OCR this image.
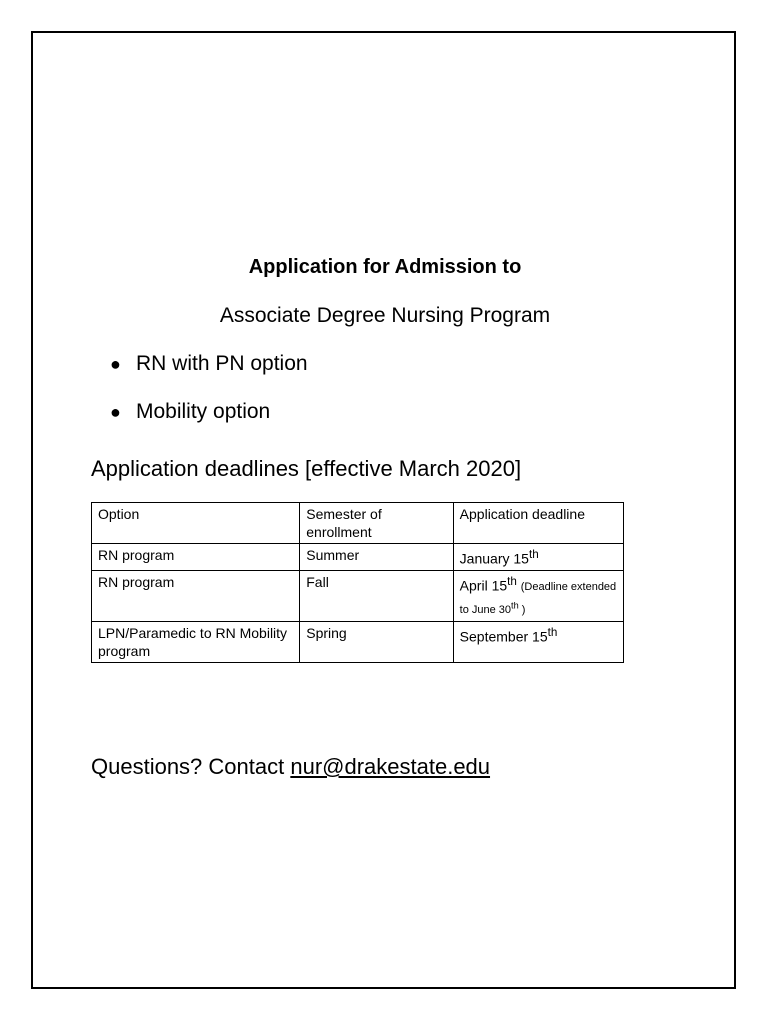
Application for Admission to
Associate Degree Nursing Program
● RN with PN option
● Mobility option
Application deadlines [effective March 2020]
Option	Semester of enrollment	Application deadline
RN program	Summer	January 15th
RN program	Fall	April 15th (Deadline extended to June 30th )
LPN/Paramedic to RN Mobility program	Spring	September 15th
Questions? Contact nur@drakestate.edu
